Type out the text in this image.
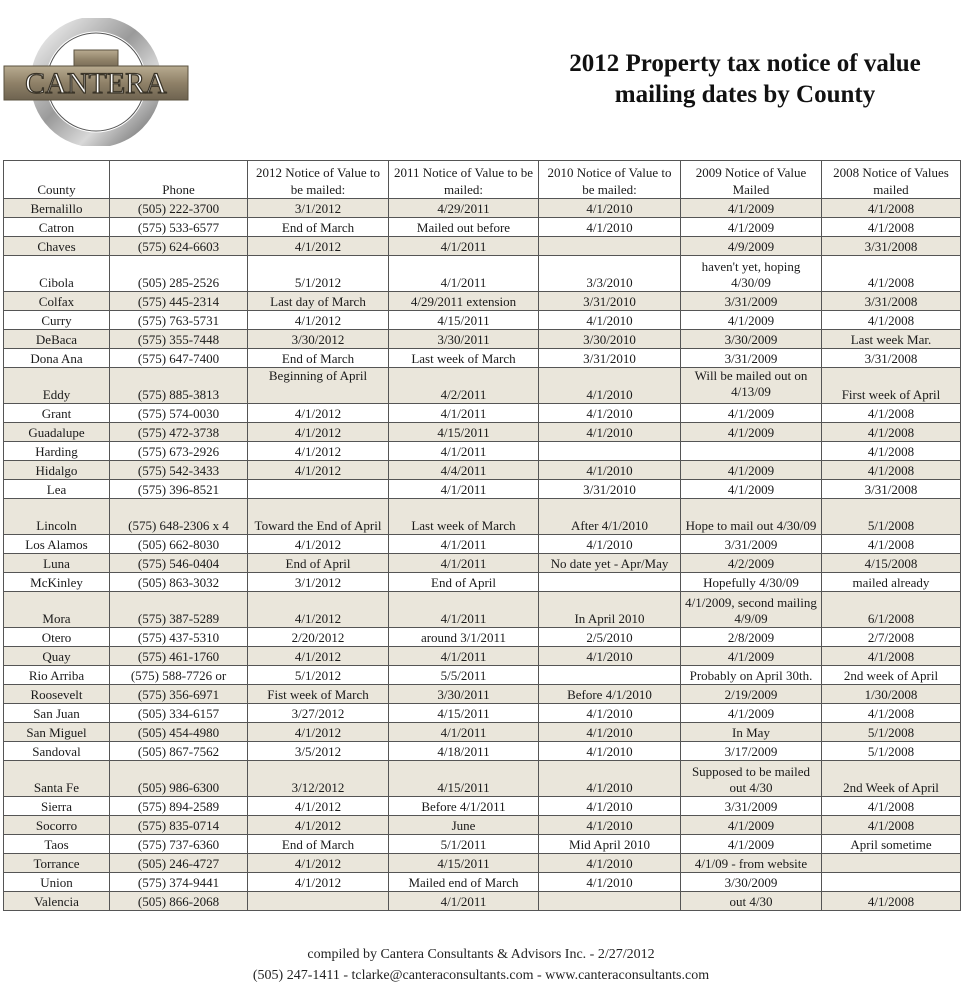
CANTERA
2012 Property tax notice of value
mailing dates by County
County	Phone	2012 Notice of Value to be mailed:	2011 Notice of Value to be mailed:	2010 Notice of Value to be mailed:	2009 Notice of Value Mailed	2008 Notice of Values mailed
Bernalillo	(505) 222-3700	3/1/2012	4/29/2011	4/1/2010	4/1/2009	4/1/2008
Catron	(575) 533-6577	End of March	Mailed out before	4/1/2010	4/1/2009	4/1/2008
Chaves	(575) 624-6603	4/1/2012	4/1/2011		4/9/2009	3/31/2008
Cibola	(505) 285-2526	5/1/2012	4/1/2011	3/3/2010	haven't yet, hoping 4/30/09	4/1/2008
Colfax	(575) 445-2314	Last day of March	4/29/2011 extension	3/31/2010	3/31/2009	3/31/2008
Curry	(575) 763-5731	4/1/2012	4/15/2011	4/1/2010	4/1/2009	4/1/2008
DeBaca	(575) 355-7448	3/30/2012	3/30/2011	3/30/2010	3/30/2009	Last week Mar.
Dona Ana	(575) 647-7400	End of March	Last week of March	3/31/2010	3/31/2009	3/31/2008
Eddy	(575) 885-3813	Beginning of April	4/2/2011	4/1/2010	Will be mailed out on 4/13/09	First week of April
Grant	(575) 574-0030	4/1/2012	4/1/2011	4/1/2010	4/1/2009	4/1/2008
Guadalupe	(575) 472-3738	4/1/2012	4/15/2011	4/1/2010	4/1/2009	4/1/2008
Harding	(575) 673-2926	4/1/2012	4/1/2011			4/1/2008
Hidalgo	(575) 542-3433	4/1/2012	4/4/2011	4/1/2010	4/1/2009	4/1/2008
Lea	(575) 396-8521		4/1/2011	3/31/2010	4/1/2009	3/31/2008
Lincoln	(575) 648-2306 x 4	Toward the End of April	Last week of March	After 4/1/2010	Hope to mail out 4/30/09	5/1/2008
Los Alamos	(505) 662-8030	4/1/2012	4/1/2011	4/1/2010	3/31/2009	4/1/2008
Luna	(575) 546-0404	End of April	4/1/2011	No date yet - Apr/May	4/2/2009	4/15/2008
McKinley	(505) 863-3032	3/1/2012	End of April		Hopefully 4/30/09	mailed already
Mora	(575) 387-5289	4/1/2012	4/1/2011	In April 2010	4/1/2009, second mailing 4/9/09	6/1/2008
Otero	(575) 437-5310	2/20/2012	around 3/1/2011	2/5/2010	2/8/2009	2/7/2008
Quay	(575) 461-1760	4/1/2012	4/1/2011	4/1/2010	4/1/2009	4/1/2008
Rio Arriba	(575) 588-7726 or	5/1/2012	5/5/2011		Probably on April 30th.	2nd week of April
Roosevelt	(575) 356-6971	Fist week of March	3/30/2011	Before 4/1/2010	2/19/2009	1/30/2008
San Juan	(505) 334-6157	3/27/2012	4/15/2011	4/1/2010	4/1/2009	4/1/2008
San Miguel	(505) 454-4980	4/1/2012	4/1/2011	4/1/2010	In May	5/1/2008
Sandoval	(505) 867-7562	3/5/2012	4/18/2011	4/1/2010	3/17/2009	5/1/2008
Santa Fe	(505) 986-6300	3/12/2012	4/15/2011	4/1/2010	Supposed to be mailed out 4/30	2nd Week of April
Sierra	(575) 894-2589	4/1/2012	Before 4/1/2011	4/1/2010	3/31/2009	4/1/2008
Socorro	(575) 835-0714	4/1/2012	June	4/1/2010	4/1/2009	4/1/2008
Taos	(575) 737-6360	End of March	5/1/2011	Mid April 2010	4/1/2009	April sometime
Torrance	(505) 246-4727	4/1/2012	4/15/2011	4/1/2010	4/1/09 - from website	
Union	(575) 374-9441	4/1/2012	Mailed end of March	4/1/2010	3/30/2009	
Valencia	(505) 866-2068		4/1/2011		out 4/30	4/1/2008
compiled by Cantera Consultants & Advisors Inc. - 2/27/2012
(505) 247-1411 - tclarke@canteraconsultants.com - www.canteraconsultants.com
